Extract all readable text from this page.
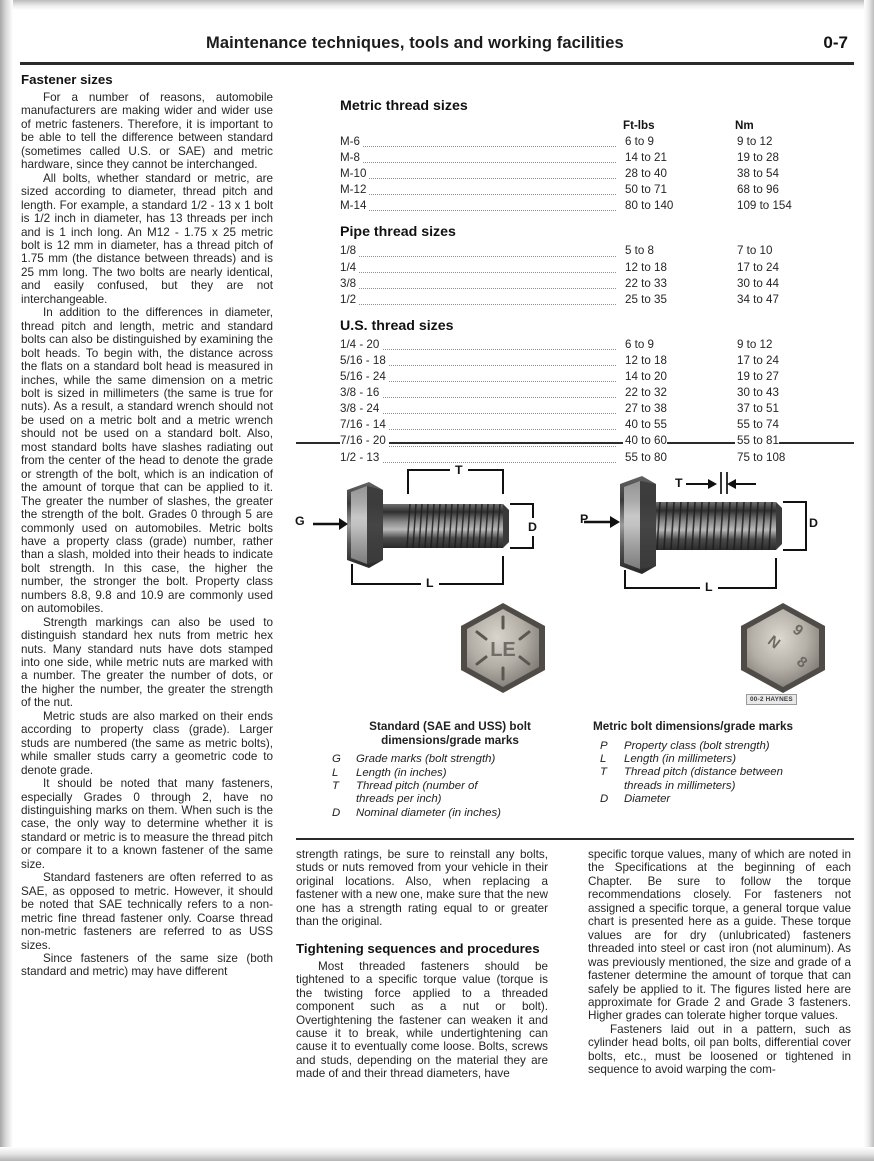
Maintenance techniques, tools and working facilities	0-7
Fastener sizes

For a number of reasons, automobile manufacturers are making wider and wider use of metric fasteners. Therefore, it is important to be able to tell the difference between standard (sometimes called U.S. or SAE) and metric hardware, since they cannot be interchanged.

All bolts, whether standard or metric, are sized according to diameter, thread pitch and length. For example, a standard 1/2 - 13 x 1 bolt is 1/2 inch in diameter, has 13 threads per inch and is 1 inch long. An M12 - 1.75 x 25 metric bolt is 12 mm in diameter, has a thread pitch of 1.75 mm (the distance between threads) and is 25 mm long. The two bolts are nearly identical, and easily confused, but they are not interchangeable.

In addition to the differences in diameter, thread pitch and length, metric and standard bolts can also be distinguished by examining the bolt heads. To begin with, the distance across the flats on a standard bolt head is measured in inches, while the same dimension on a metric bolt is sized in millimeters (the same is true for nuts). As a result, a standard wrench should not be used on a metric bolt and a metric wrench should not be used on a standard bolt. Also, most standard bolts have slashes radiating out from the center of the head to denote the grade or strength of the bolt, which is an indication of the amount of torque that can be applied to it. The greater the number of slashes, the greater the strength of the bolt. Grades 0 through 5 are commonly used on automobiles. Metric bolts have a property class (grade) number, rather than a slash, molded into their heads to indicate bolt strength. In this case, the higher the number, the stronger the bolt. Property class numbers 8.8, 9.8 and 10.9 are commonly used on automobiles.

Strength markings can also be used to distinguish standard hex nuts from metric hex nuts. Many standard nuts have dots stamped into one side, while metric nuts are marked with a number. The greater the number of dots, or the higher the number, the greater the strength of the nut.

Metric studs are also marked on their ends according to property class (grade). Larger studs are numbered (the same as metric bolts), while smaller studs carry a geometric code to denote grade.

It should be noted that many fasteners, especially Grades 0 through 2, have no distinguishing marks on them. When such is the case, the only way to determine whether it is standard or metric is to measure the thread pitch or compare it to a known fastener of the same size.

Standard fasteners are often referred to as SAE, as opposed to metric. However, it should be noted that SAE technically refers to a non-metric fine thread fastener only. Coarse thread non-metric fasteners are referred to as USS sizes.

Since fasteners of the same size (both standard and metric) may have different

Metric thread sizes
Ft-lbs	Nm
M-6	6 to 9	9 to 12
M-8	14 to 21	19 to 28
M-10	28 to 40	38 to 54
M-12	50 to 71	68 to 96
M-14	80 to 140	109 to 154
Pipe thread sizes
1/8	5 to 8	7 to 10
1/4	12 to 18	17 to 24
3/8	22 to 33	30 to 44
1/2	25 to 35	34 to 47
U.S. thread sizes
1/4 - 20	6 to 9	9 to 12
5/16 - 18	12 to 18	17 to 24
5/16 - 24	14 to 20	19 to 27
3/8 - 16	22 to 32	30 to 43
3/8 - 24	27 to 38	37 to 51
7/16 - 14	40 to 55	55 to 74
7/16 - 20	40 to 60	55 to 81
1/2 - 13	55 to 80	75 to 108
G
T
D
L
P
T
D
L
LE
9
N
8
00-2 HAYNES
Standard (SAE and USS) bolt
dimensions/grade marks
G Grade marks (bolt strength)
L Length (in inches)
T Thread pitch (number of
threads per inch)
D Nominal diameter (in inches)
Metric bolt dimensions/grade marks
P Property class (bolt strength)
L Length (in millimeters)
T Thread pitch (distance between
threads in millimeters)
D Diameter

strength ratings, be sure to reinstall any bolts, studs or nuts removed from your vehicle in their original locations. Also, when replacing a fastener with a new one, make sure that the new one has a strength rating equal to or greater than the original.

Tightening sequences and procedures

Most threaded fasteners should be tightened to a specific torque value (torque is the twisting force applied to a threaded component such as a nut or bolt). Overtightening the fastener can weaken it and cause it to break, while undertightening can cause it to eventually come loose. Bolts, screws and studs, depending on the material they are made of and their thread diameters, have

specific torque values, many of which are noted in the Specifications at the beginning of each Chapter. Be sure to follow the torque recommendations closely. For fasteners not assigned a specific torque, a general torque value chart is presented here as a guide. These torque values are for dry (unlubricated) fasteners threaded into steel or cast iron (not aluminum). As was previously mentioned, the size and grade of a fastener determine the amount of torque that can safely be applied to it. The figures listed here are approximate for Grade 2 and Grade 3 fasteners. Higher grades can tolerate higher torque values.

Fasteners laid out in a pattern, such as cylinder head bolts, oil pan bolts, differential cover bolts, etc., must be loosened or tightened in sequence to avoid warping the com-
